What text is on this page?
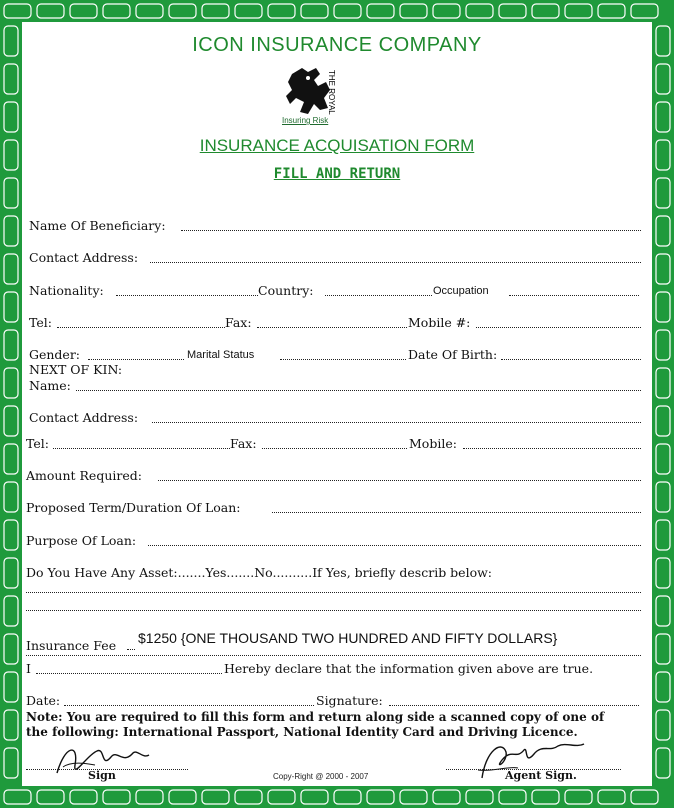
ICON INSURANCE COMPANY
THE ROYAL
Insuring Risk
INSURANCE ACQUISATION FORM
FILL AND RETURN
Name Of Beneficiary:
Contact Address:
Nationality:	Country:	Occupation
Tel:	Fax:	Mobile #:
Gender:	Marital Status	Date Of Birth:
NEXT OF KIN:
Name:
Contact Address:
Tel:	Fax:	Mobile:
Amount Required:
Proposed Term/Duration Of Loan:
Purpose Of Loan:
Do You Have Any Asset:.......Yes.......No..........If Yes, briefly describ below:
Insurance Fee $1250 {ONE THOUSAND TWO HUNDRED AND FIFTY DOLLARS}
I	Hereby declare that the information given above are true.
Date:	Signature:
Note: You are required to fill this form and return along side a scanned copy of one of
the following: International Passport, National Identity Card and Driving Licence.
Sign	Copy-Right @ 2000 - 2007	Agent Sign.
